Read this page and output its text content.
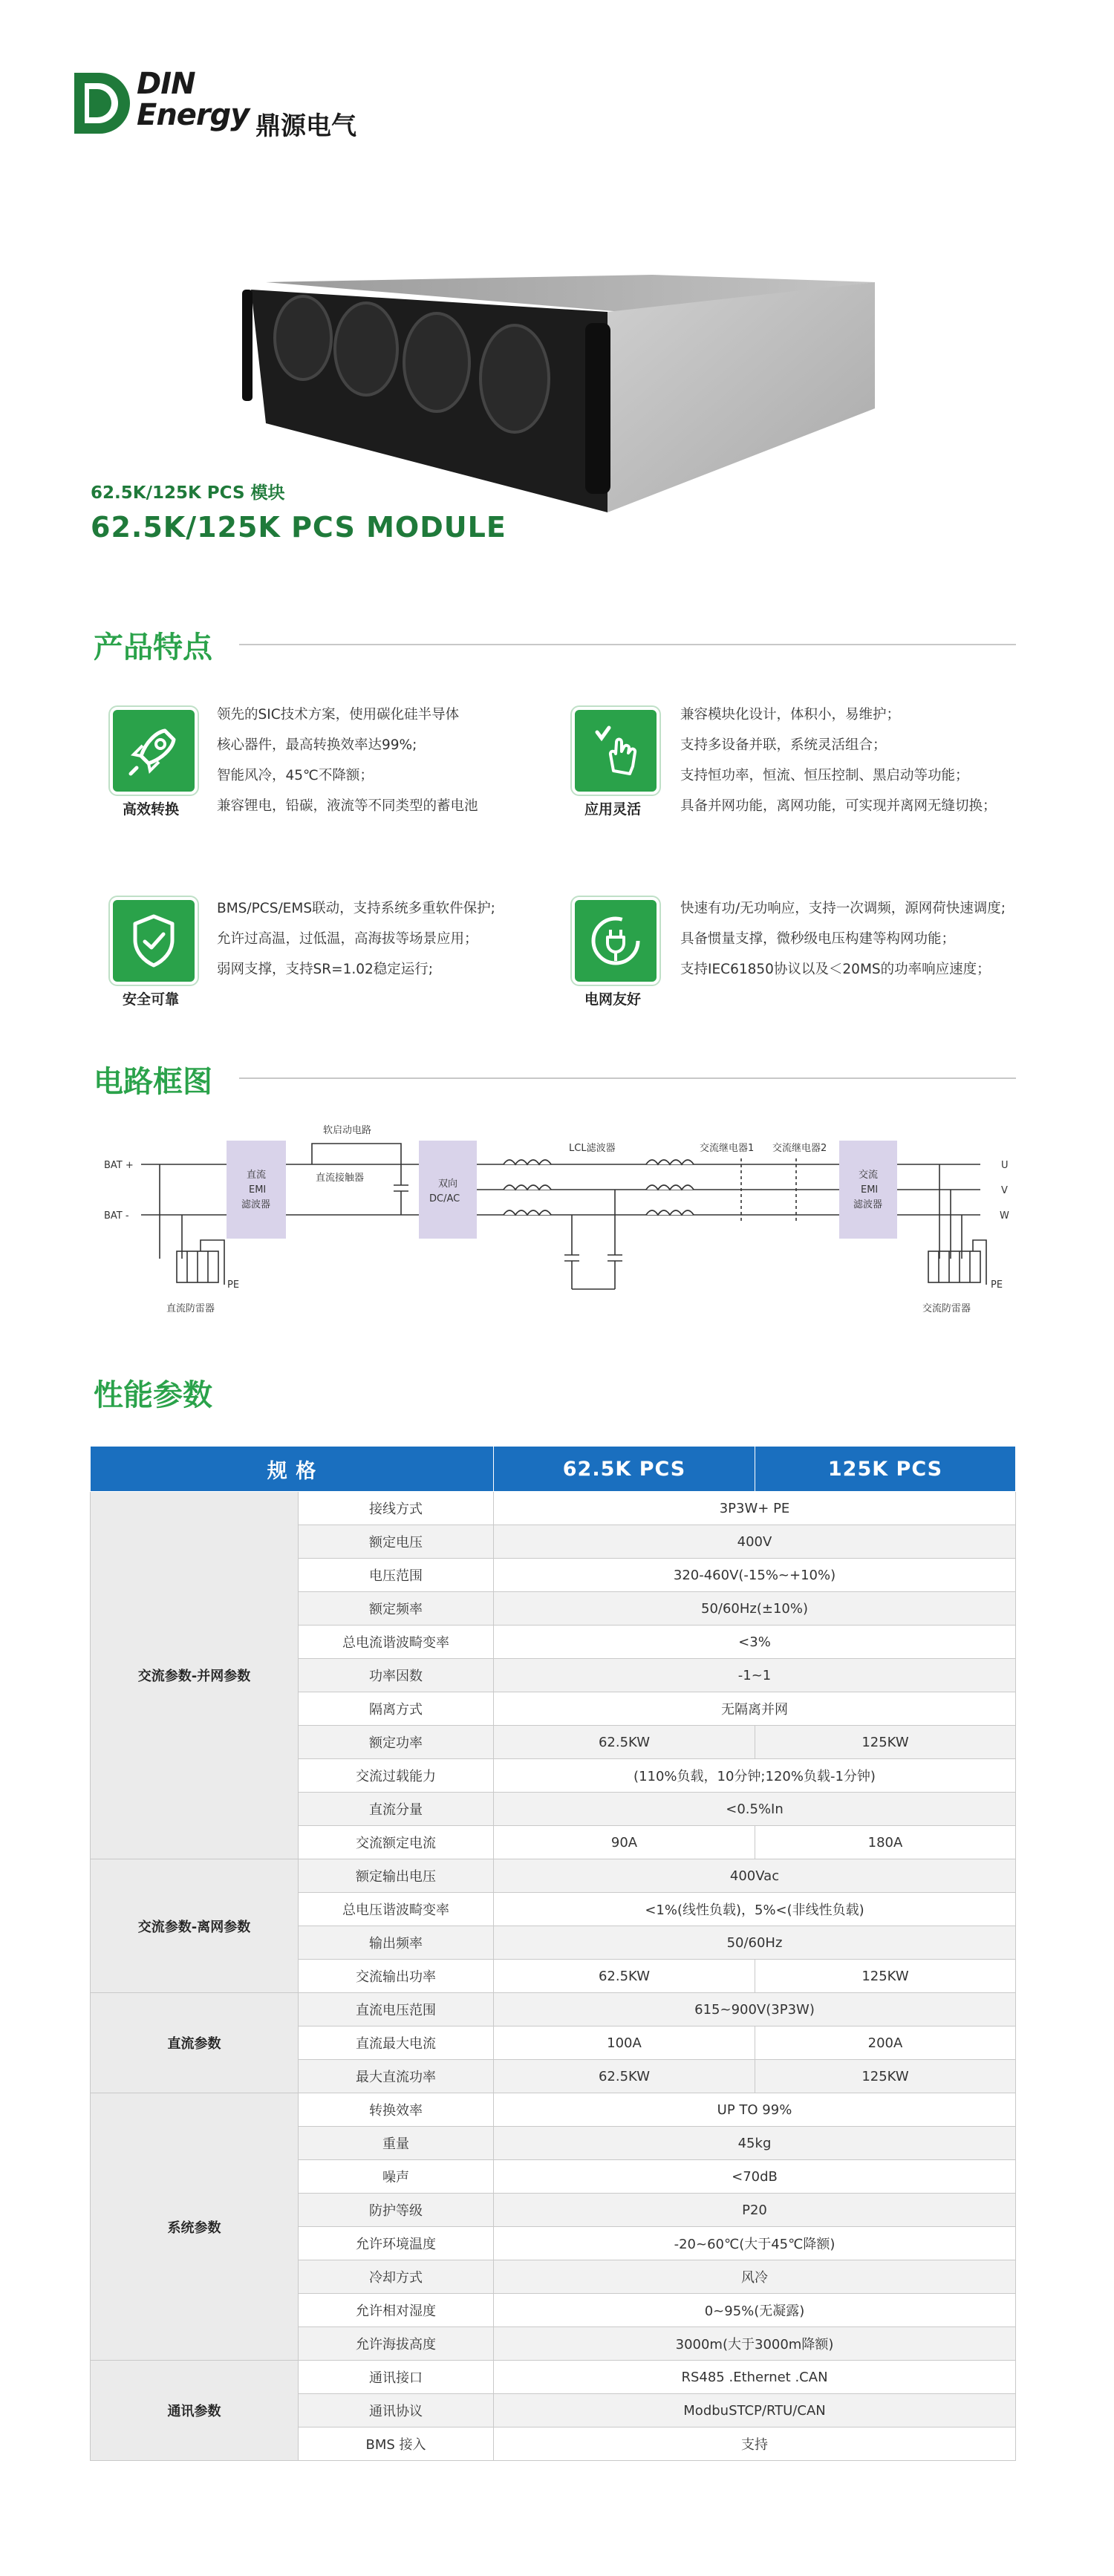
DIN
Energy 鼎源电气
62.5K/125K PCS 模块
62.5K/125K PCS MODULE
产品特点
高效转换
领先的SIC技术方案，使用碳化硅半导体
核心器件，最高转换效率达99%;
智能风冷，45℃不降额；
兼容锂电，铅碳，液流等不同类型的蓄电池	应用灵活
兼容模块化设计，体积小，易维护；
支持多设备并联，系统灵活组合；
支持恒功率，恒流、恒压控制、黑启动等功能；
具备并网功能，离网功能，可实现并离网无缝切换；
安全可靠
BMS/PCS/EMS联动，支持系统多重软件保护;
允许过高温，过低温，高海拔等场景应用；
弱网支撑，支持SR=1.02稳定运行;
电网友好
快速有功/无功响应，支持一次调频，源网荷快速调度;
具备惯量支撑，微秒级电压构建等构网功能；
支持IEC61850协议以及＜20MS的功率响应速度；
电路框图
BAT +
BAT -
直流
EMI
滤波器
软启动电路
直流接触器
双向
DC/AC
LCL滤波器	交流继电器1 交流继电器2
交流
EMI
滤波器
U
V
W
PE	PE
直流防雷器	交流防雷器
性能参数
规 格		62.5K PCS	125K PCS
交流参数-并网参数	接线方式	3P3W+ PE	
	额定电压	400V	
	电压范围	320-460V(-15%~+10%)	
	额定频率	50/60Hz(±10%)	
	总电流谐波畸变率	<3%	
	功率因数	-1~1	
	隔离方式	无隔离并网	
	额定功率	62.5KW	125KW
	交流过载能力	(110%负载，10分钟;120%负载-1分钟)	
	直流分量	<0.5%In	
	交流额定电流	90A	180A
交流参数-离网参数	额定输出电压	400Vac	
	总电压谐波畸变率	<1%(线性负载)，5%<(非线性负载)	
	输出频率	50/60Hz	
	交流输出功率	62.5KW	125KW
直流参数	直流电压范围	615~900V(3P3W)	
	直流最大电流	100A	200A
	最大直流功率	62.5KW	125KW
系统参数	转换效率	UP TO 99%	
	重量	45kg	
	噪声	<70dB	
	防护等级	P20	
	允许环境温度	-20~60℃(大于45℃降额)	
	冷却方式	风冷	
	允许相对湿度	0~95%(无凝露)	
	允许海拔高度	3000m(大于3000m降额)	
通讯参数	通讯接口	RS485 .Ethernet .CAN	
	通讯协议	ModbuSTCP/RTU/CAN	
	BMS 接入	支持	
